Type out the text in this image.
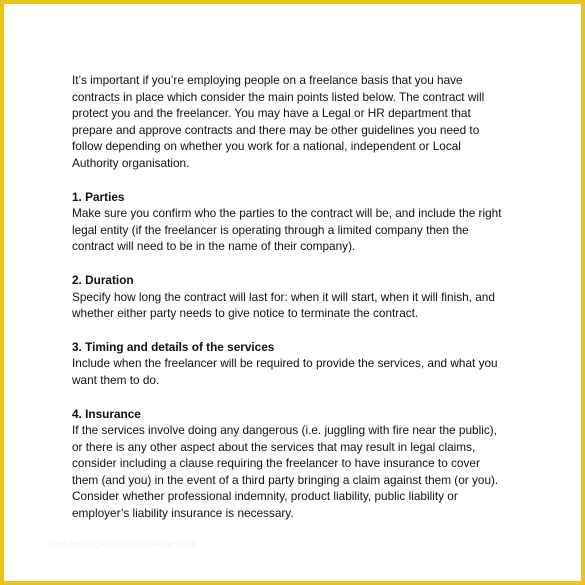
www.heritagechristiancollege.com

It’s important if you’re employing people on a freelance basis that you have
contracts in place which consider the main points listed below. The contract will
protect you and the freelancer. You may have a Legal or HR department that
prepare and approve contracts and there may be other guidelines you need to
follow depending on whether you work for a national, independent or Local
Authority organisation.

1. Parties

Make sure you confirm who the parties to the contract will be, and include the right
legal entity (if the freelancer is operating through a limited company then the
contract will need to be in the name of their company).

2. Duration

Specify how long the contract will last for: when it will start, when it will finish, and
whether either party needs to give notice to terminate the contract.

3. Timing and details of the services

Include when the freelancer will be required to provide the services, and what you
want them to do.

4. Insurance

If the services involve doing any dangerous (i.e. juggling with fire near the public),
or there is any other aspect about the services that may result in legal claims,
consider including a clause requiring the freelancer to have insurance to cover
them (and you) in the event of a third party bringing a claim against them (or you).
Consider whether professional indemnity, product liability, public liability or
employer’s liability insurance is necessary.
